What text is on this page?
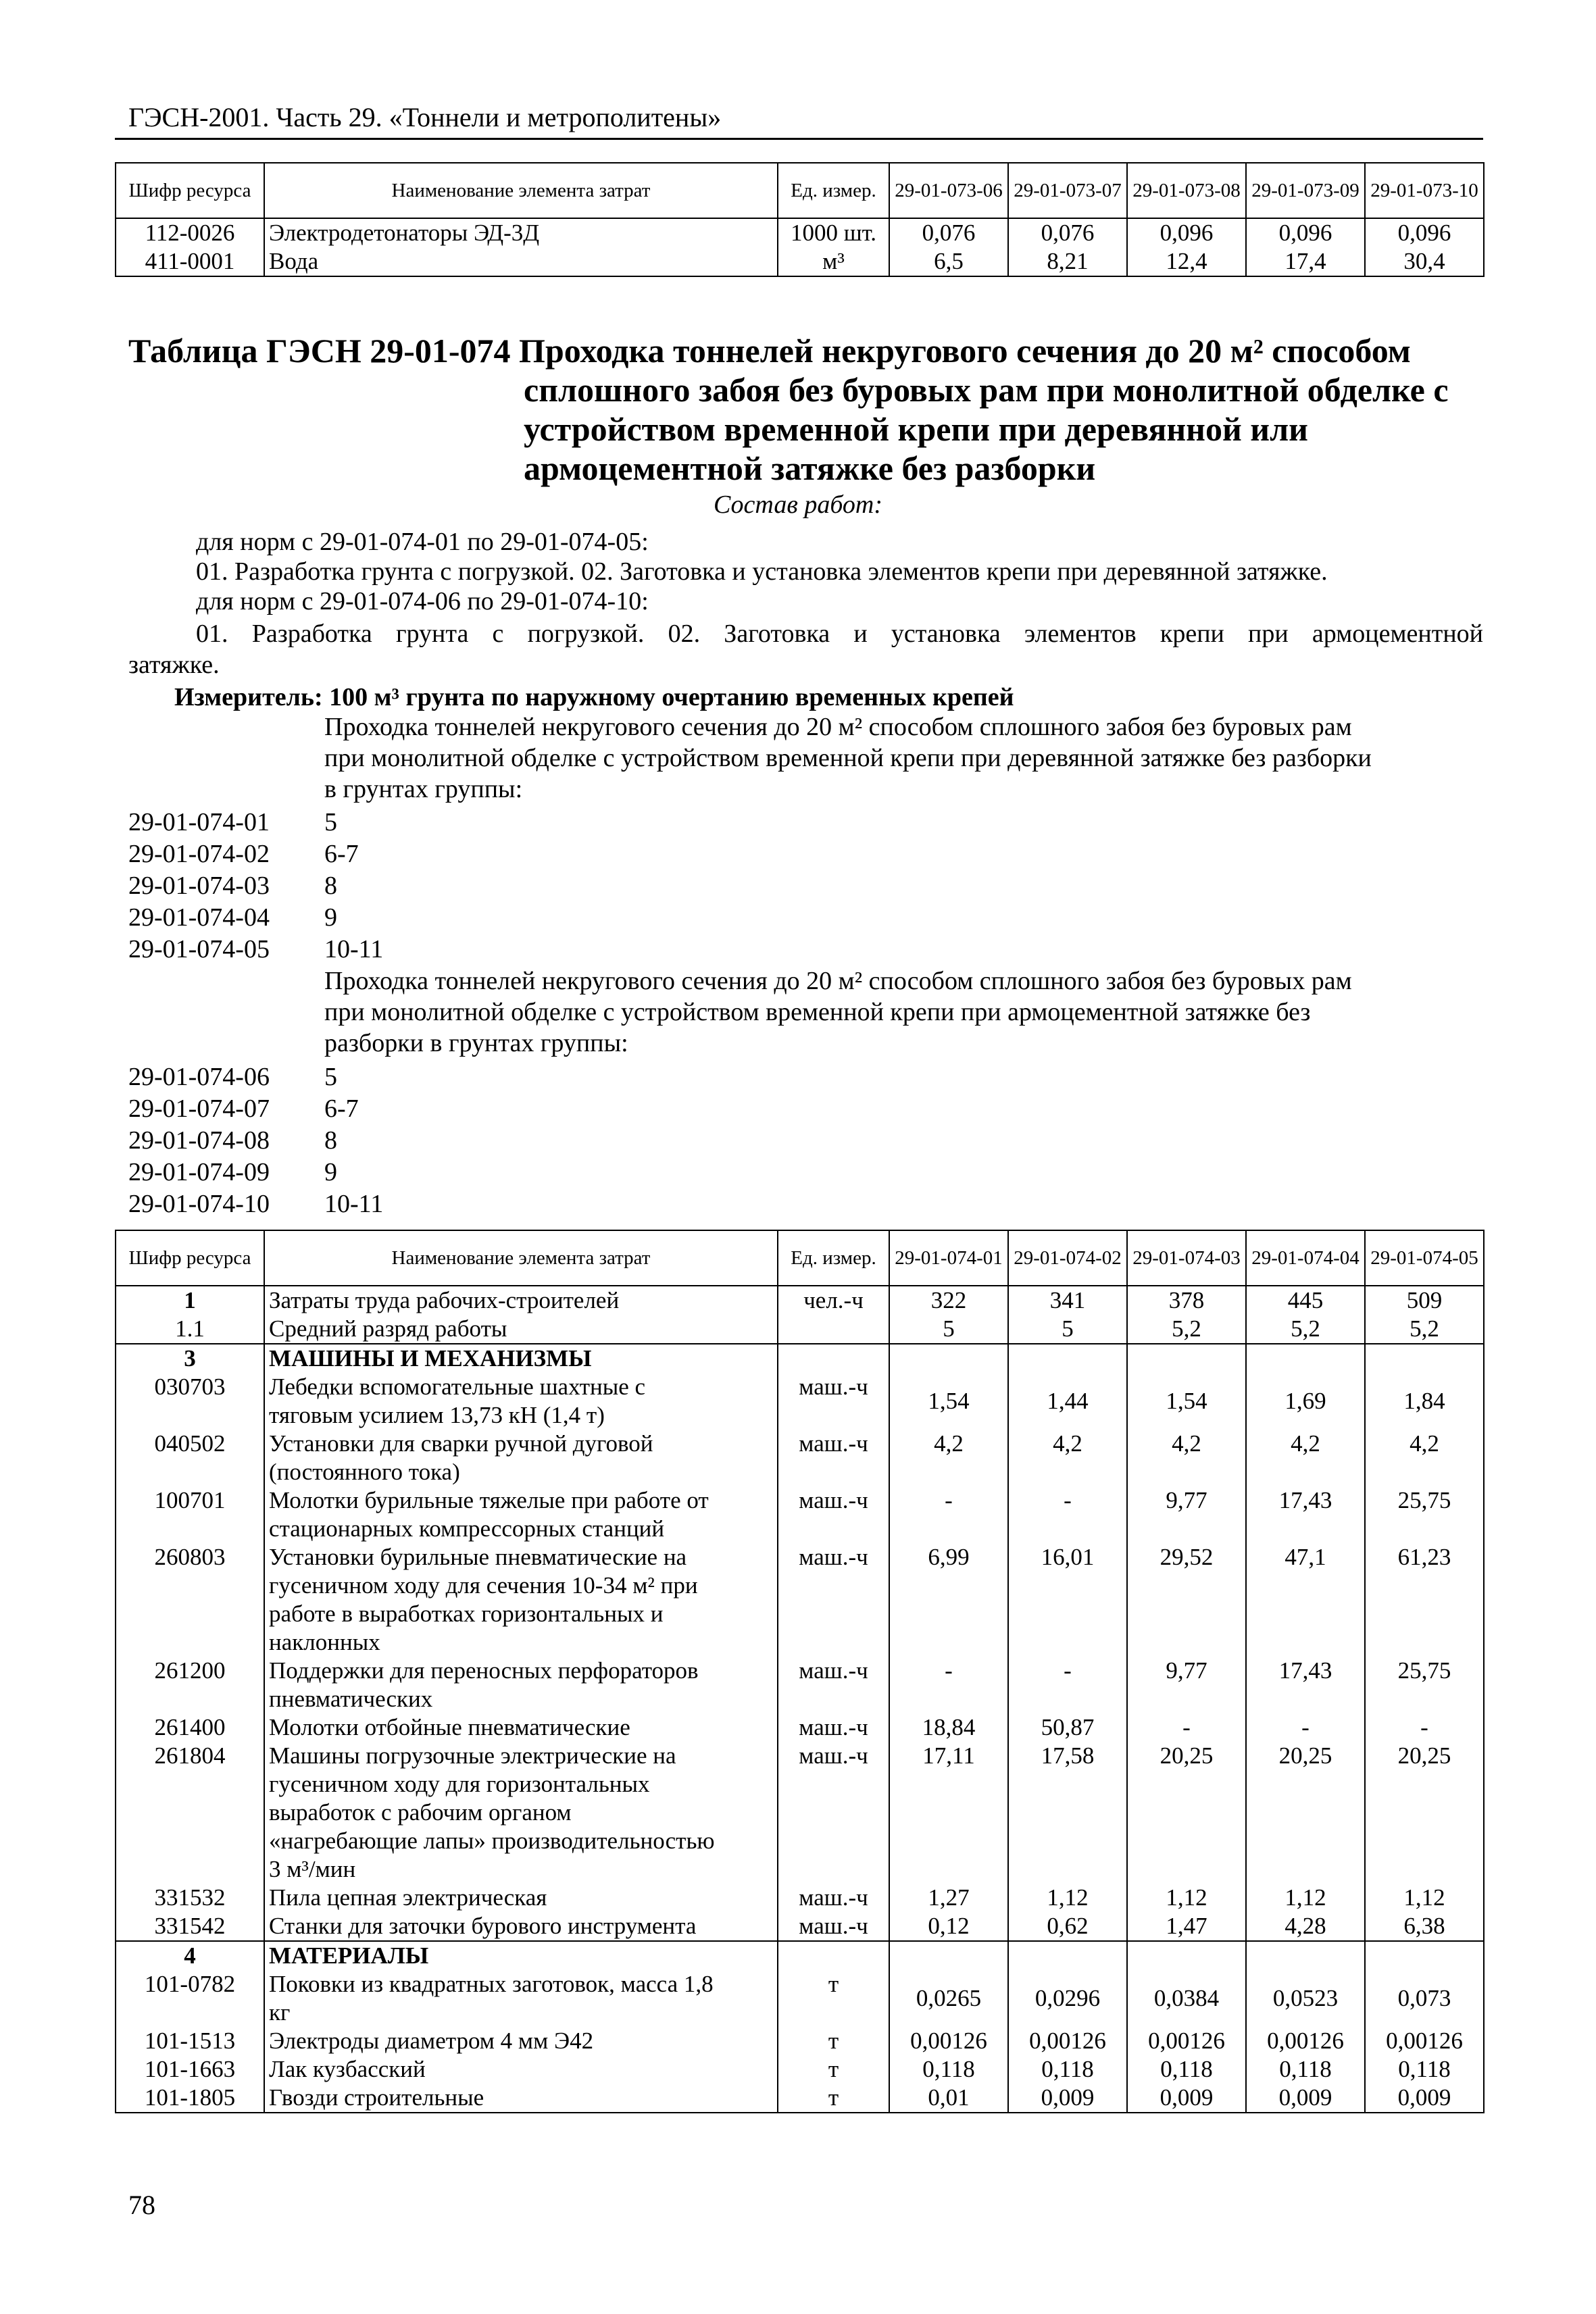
ГЭСН-2001. Часть 29. «Тоннели и метрополитены»
Шифр ресурса	Наименование элемента затрат	Ед. измер.	29-01-073-06	29-01-073-07	29-01-073-08	29-01-073-09	29-01-073-10
112-0026	Электродетонаторы ЭД-3Д	1000 шт.	0,076	0,076	0,096	0,096	0,096
411-0001	Вода	м³	6,5	8,21	12,4	17,4	30,4
Таблица ГЭСН 29-01-074 Проходка тоннелей некругового сечения до 20 м² способом
сплошного забоя без буровых рам при монолитной обделке с
устройством временной крепи при деревянной или
армоцементной затяжке без разборки
Состав работ:
для норм с 29-01-074-01 по 29-01-074-05:
01. Разработка грунта с погрузкой. 02. Заготовка и установка элементов крепи при деревянной затяжке.
для норм с 29-01-074-06 по 29-01-074-10:
01. Разработка грунта с погрузкой. 02. Заготовка и установка элементов крепи при армоцементной
затяжке.
Измеритель: 100 м³ грунта по наружному очертанию временных крепей
Проходка тоннелей некругового сечения до 20 м² способом сплошного забоя без буровых рам
при монолитной обделке с устройством временной крепи при деревянной затяжке без разборки
в грунтах группы:
29-01-074-01 5
29-01-074-02 6-7
29-01-074-03 8
29-01-074-04 9
29-01-074-05 10-11
Проходка тоннелей некругового сечения до 20 м² способом сплошного забоя без буровых рам
при монолитной обделке с устройством временной крепи при армоцементной затяжке без
разборки в грунтах группы:
29-01-074-06 5
29-01-074-07 6-7
29-01-074-08 8
29-01-074-09 9
29-01-074-10 10-11
Шифр ресурса	Наименование элемента затрат	Ед. измер.	29-01-074-01	29-01-074-02	29-01-074-03	29-01-074-04	29-01-074-05
1	Затраты труда рабочих-строителей	чел.-ч	322	341	378	445	509
1.1	Средний разряд работы		5	5	5,2	5,2	5,2
3	МАШИНЫ И МЕХАНИЗМЫ						

030703	Лебедки вспомогательные шахтные с
тяговым усилием 13,73 кН (1,4 т)	маш.-ч	1,54	1,44	1,54	1,69	1,84
040502	Установки для сварки ручной дуговой
(постоянного тока)	маш.-ч	4,2	4,2	4,2	4,2	4,2
100701	Молотки бурильные тяжелые при работе от
стационарных компрессорных станций	маш.-ч	-	-	9,77	17,43	25,75
260803	Установки бурильные пневматические на
гусеничном ходу для сечения 10-34 м² при
работе в выработках горизонтальных и
наклонных	маш.-ч	6,99	16,01	29,52	47,1	61,23
261200	Поддержки для переносных перфораторов
пневматических	маш.-ч	-	-	9,77	17,43	25,75
261400	Молотки отбойные пневматические	маш.-ч	18,84	50,87	-	-	-
261804	Машины погрузочные электрические на
гусеничном ходу для горизонтальных
выработок с рабочим органом
«нагребающие лапы» производительностью
3 м³/мин	маш.-ч	17,11	17,58	20,25	20,25	20,25
331532	Пила цепная электрическая	маш.-ч	1,27	1,12	1,12	1,12	1,12
331542	Станки для заточки бурового инструмента	маш.-ч	0,12	0,62	1,47	4,28	6,38
4	МАТЕРИАЛЫ						

101-0782	Поковки из квадратных заготовок, масса 1,8
кг	т	0,0265	0,0296	0,0384	0,0523	0,073
101-1513	Электроды диаметром 4 мм Э42	т	0,00126	0,00126	0,00126	0,00126	0,00126
101-1663	Лак кузбасский	т	0,118	0,118	0,118	0,118	0,118
101-1805	Гвозди строительные	т	0,01	0,009	0,009	0,009	0,009
78
